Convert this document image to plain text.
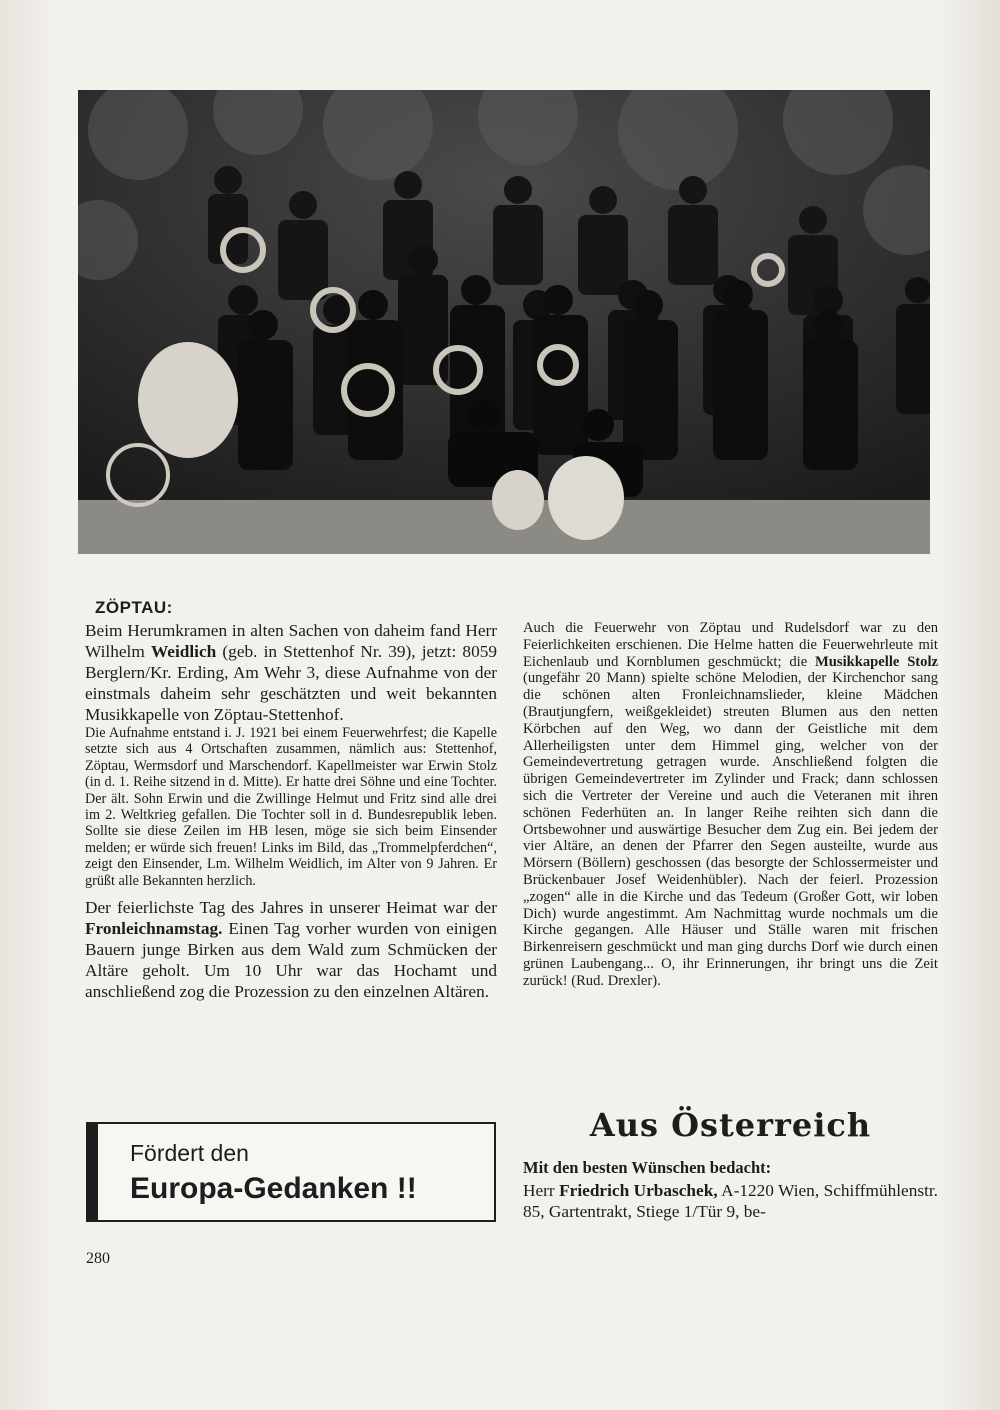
ZÖPTAU:

Beim Herumkramen in alten Sachen von daheim fand Herr Wilhelm Weidlich (geb. in Stettenhof Nr. 39), jetzt: 8059 Berglern/Kr. Erding, Am Wehr 3, diese Aufnahme von der einstmals daheim sehr geschätzten und weit bekannten Musikkapelle von Zöptau-Stettenhof.

Die Aufnahme entstand i. J. 1921 bei einem Feuerwehrfest; die Kapelle setzte sich aus 4 Ortschaften zusammen, nämlich aus: Stettenhof, Zöptau, Wermsdorf und Marschendorf. Kapellmeister war Erwin Stolz (in d. 1. Reihe sitzend in d. Mitte). Er hatte drei Söhne und eine Tochter. Der ält. Sohn Erwin und die Zwillinge Helmut und Fritz sind alle drei im 2. Weltkrieg gefallen. Die Tochter soll in d. Bundesrepublik leben. Sollte sie diese Zeilen im HB lesen, möge sie sich beim Einsender melden; er würde sich freuen! Links im Bild, das „Trommelpferdchen“, zeigt den Einsender, Lm. Wilhelm Weidlich, im Alter von 9 Jahren. Er grüßt alle Bekannten herzlich.

Der feierlichste Tag des Jahres in unserer Heimat war der Fronleichnamstag. Einen Tag vorher wurden von einigen Bauern junge Birken aus dem Wald zum Schmücken der Altäre geholt. Um 10 Uhr war das Hochamt und anschließend zog die Prozession zu den einzelnen Altären.

Auch die Feuerwehr von Zöptau und Rudelsdorf war zu den Feierlichkeiten erschienen. Die Helme hatten die Feuerwehrleute mit Eichenlaub und Kornblumen geschmückt; die Musikkapelle Stolz (ungefähr 20 Mann) spielte schöne Melodien, der Kirchenchor sang die schönen alten Fronleichnamslieder, kleine Mädchen (Brautjungfern, weißgekleidet) streuten Blumen aus den netten Körbchen auf den Weg, wo dann der Geistliche mit dem Allerheiligsten unter dem Himmel ging, welcher von der Gemeindevertretung getragen wurde. Anschließend folgten die übrigen Gemeindevertreter im Zylinder und Frack; dann schlossen sich die Vertreter der Vereine und auch die Veteranen mit ihren schönen Federhüten an. In langer Reihe reihten sich dann die Ortsbewohner und auswärtige Besucher dem Zug ein. Bei jedem der vier Altäre, an denen der Pfarrer den Segen austeilte, wurde aus Mörsern (Böllern) geschossen (das besorgte der Schlossermeister und Brückenbauer Josef Weidenhübler). Nach der feierl. Prozession „zogen“ alle in die Kirche und das Tedeum (Großer Gott, wir loben Dich) wurde angestimmt. Am Nachmittag wurde nochmals um die Kirche gegangen. Alle Häuser und Ställe waren mit frischen Birkenreisern geschmückt und man ging durchs Dorf wie durch einen grünen Laubengang... O, ihr Erinnerungen, ihr bringt uns die Zeit zurück! (Rud. Drexler).

Fördert den
Europa-Gedanken !!
Aus Österreich
Mit den besten Wünschen bedacht:

Herr Friedrich Urbaschek, A-1220 Wien, Schiffmühlenstr. 85, Gartentrakt, Stiege 1/Tür 9, be-

280
